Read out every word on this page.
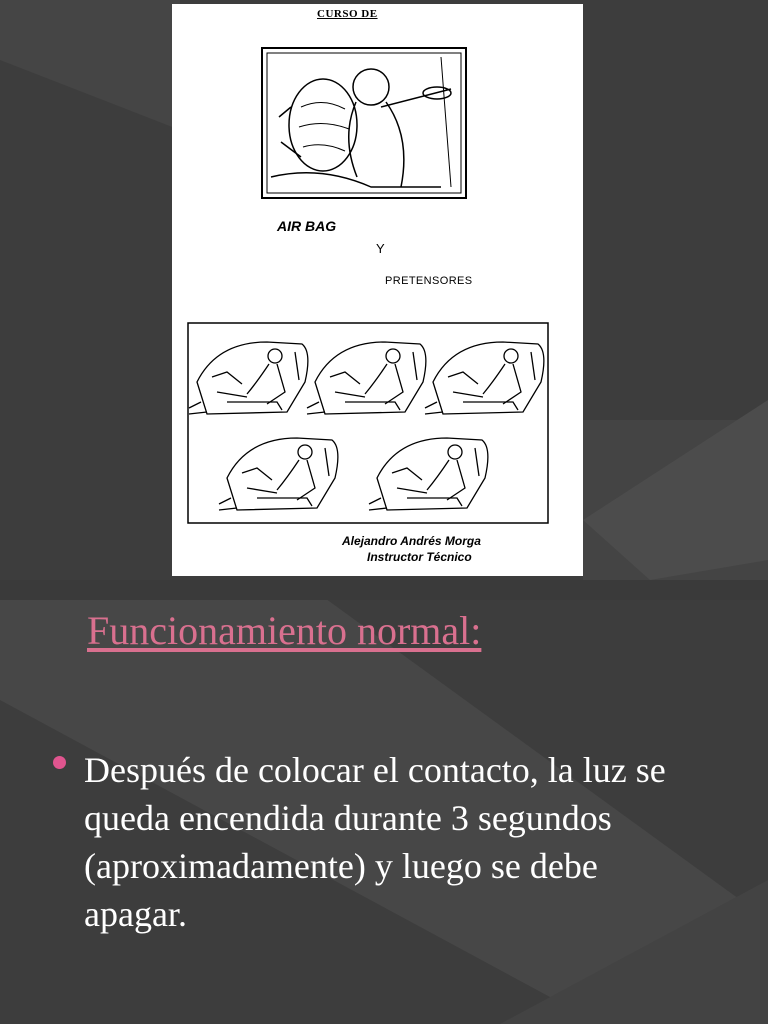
CURSO DE
AIR BAG
Y
PRETENSORES
Alejandro Andrés Morga
Instructor Técnico
Funcionamiento normal:
Después de colocar el contacto, la luz se queda encendida durante 3 segundos (aproximadamente) y luego se debe apagar.
